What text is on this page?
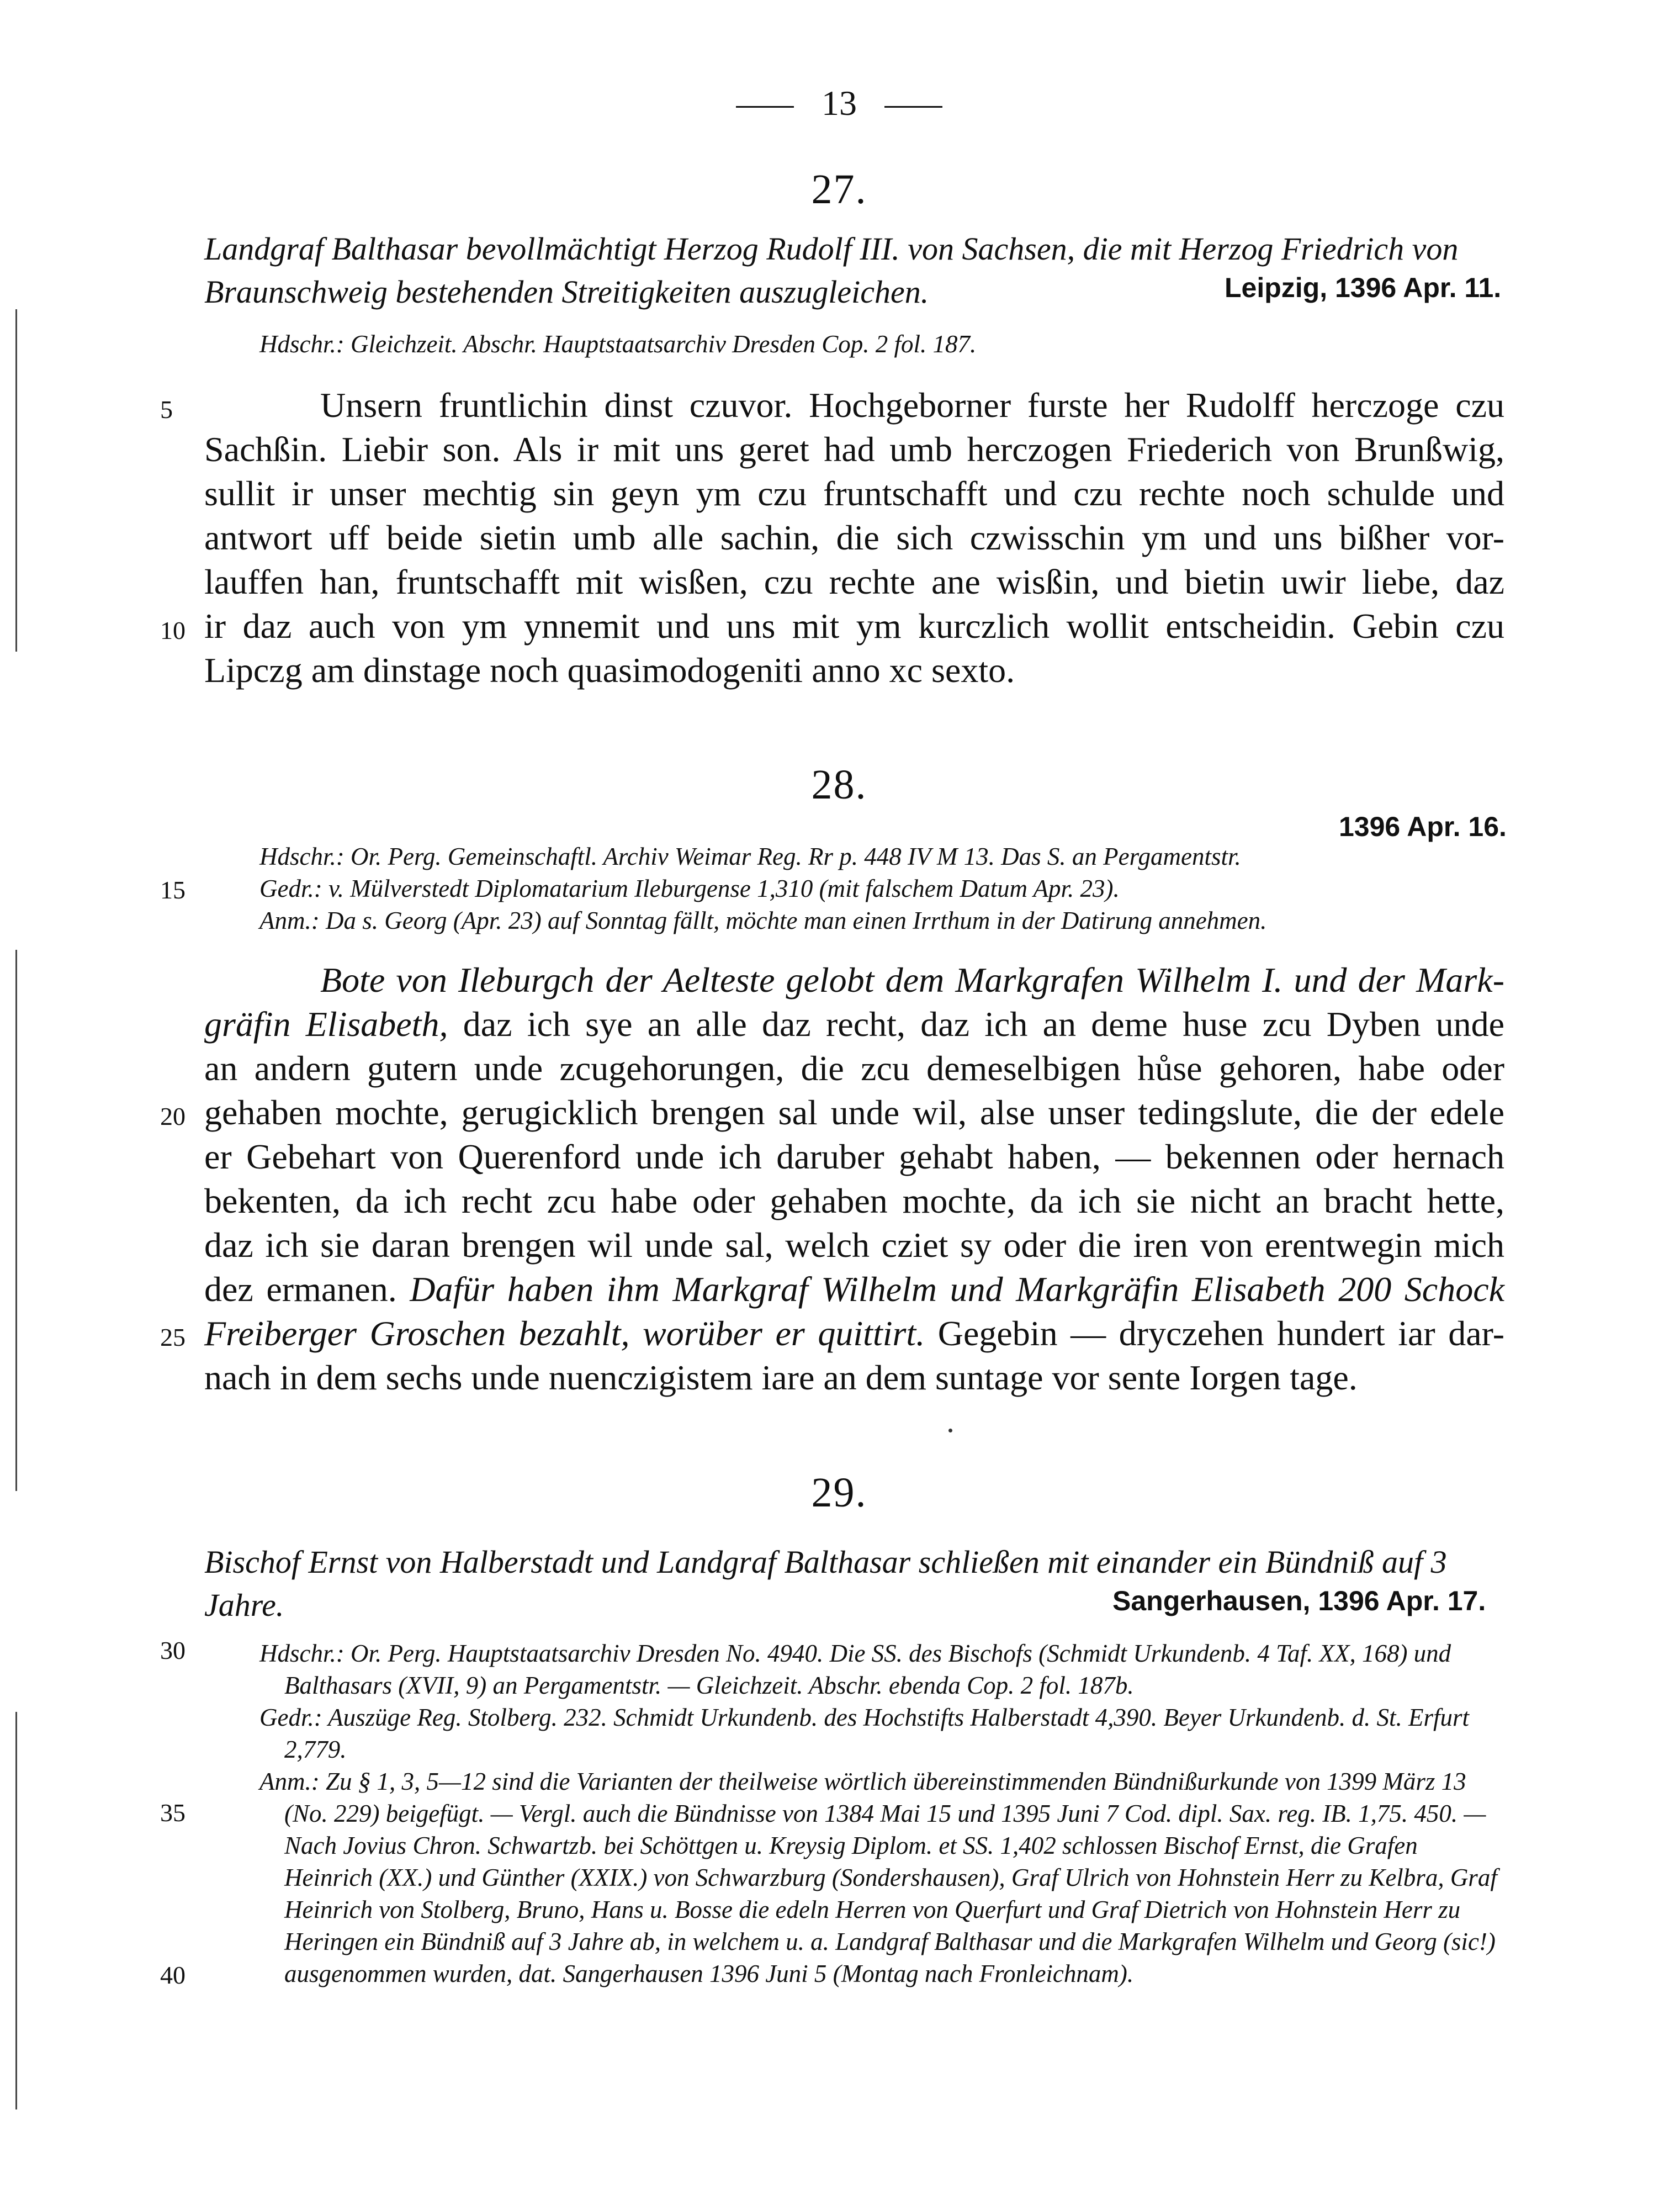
13
27.
Landgraf Balthasar bevollmächtigt Herzog Rudolf III. von Sachsen, die mit Herzog Friedrich von Braunschweig bestehenden Streitigkeiten auszugleichen.	Leipzig, 1396 Apr. 11.
Hdschr.: Gleichzeit. Abschr. Hauptstaatsarchiv Dresden Cop. 2 fol. 187.
5	Unsern fruntlichin dinst czuvor. Hochgeborner furste her Rudolff herczoge czu
Sachßin. Liebir son. Als ir mit uns geret had umb herczogen Friederich von Brunßwig,
sullit ir unser mechtig sin geyn ym czu fruntschafft und czu rechte noch schulde und
antwort uff beide sietin umb alle sachin, die sich czwisschin ym und uns bißher vor-
lauffen han, fruntschafft mit wisßen, czu rechte ane wisßin, und bietin uwir liebe, daz
10 ir daz auch von ym ynnemit und uns mit ym kurczlich wollit entscheidin. Gebin czu
Lipczg am dinstage noch quasimodogeniti anno xc sexto.
28.
1396 Apr. 16.
Hdschr.: Or. Perg. Gemeinschaftl. Archiv Weimar Reg. Rr p. 448 IV M 13. Das S. an Pergamentstr.
Gedr.: v. Mülverstedt Diplomatarium Ileburgense 1,310 (mit falschem Datum Apr. 23).
Anm.: Da s. Georg (Apr. 23) auf Sonntag fällt, möchte man einen Irrthum in der Datirung annehmen.
15
Bote von Ileburgch der Aelteste gelobt dem Markgrafen Wilhelm I. und der Mark-
gräfin Elisabeth, daz ich sye an alle daz recht, daz ich an deme huse zcu Dyben unde
an andern gutern unde zcugehorungen, die zcu demeselbigen hůse gehoren, habe oder
20 gehaben mochte, gerugicklich brengen sal unde wil, alse unser tedingslute, die der edele
er Gebehart von Querenford unde ich daruber gehabt haben, — bekennen oder hernach
bekenten, da ich recht zcu habe oder gehaben mochte, da ich sie nicht an bracht hette,
daz ich sie daran brengen wil unde sal, welch cziet sy oder die iren von erentwegin mich
dez ermanen. Dafür haben ihm Markgraf Wilhelm und Markgräfin Elisabeth 200 Schock
25 Freiberger Groschen bezahlt, worüber er quittirt. Gegebin — dryczehen hundert iar dar-
nach in dem sechs unde nuenczigistem iare an dem suntage vor sente Iorgen tage.
29.
Bischof Ernst von Halberstadt und Landgraf Balthasar schließen mit einander ein Bündniß auf 3 Jahre.	Sangerhausen, 1396 Apr. 17.
30
35
40
Hdschr.: Or. Perg. Hauptstaatsarchiv Dresden No. 4940. Die SS. des Bischofs (Schmidt Urkundenb. 4 Taf. XX, 168) und Balthasars (XVII, 9) an Pergamentstr. — Gleichzeit. Abschr. ebenda Cop. 2 fol. 187b.
Gedr.: Auszüge Reg. Stolberg. 232. Schmidt Urkundenb. des Hochstifts Halberstadt 4,390. Beyer Urkundenb. d. St. Erfurt 2,779.
Anm.: Zu § 1, 3, 5—12 sind die Varianten der theilweise wörtlich übereinstimmenden Bündnißurkunde von 1399 März 13 (No. 229) beigefügt. — Vergl. auch die Bündnisse von 1384 Mai 15 und 1395 Juni 7 Cod. dipl. Sax. reg. IB. 1,75. 450. — Nach Jovius Chron. Schwartzb. bei Schöttgen u. Kreysig Diplom. et SS. 1,402 schlossen Bischof Ernst, die Grafen Heinrich (XX.) und Günther (XXIX.) von Schwarzburg (Sondershausen), Graf Ulrich von Hohnstein Herr zu Kelbra, Graf Heinrich von Stolberg, Bruno, Hans u. Bosse die edeln Herren von Querfurt und Graf Dietrich von Hohnstein Herr zu Heringen ein Bündniß auf 3 Jahre ab, in welchem u. a. Landgraf Balthasar und die Markgrafen Wilhelm und Georg (sic!) ausgenommen wurden, dat. Sangerhausen 1396 Juni 5 (Montag nach Fronleichnam).
